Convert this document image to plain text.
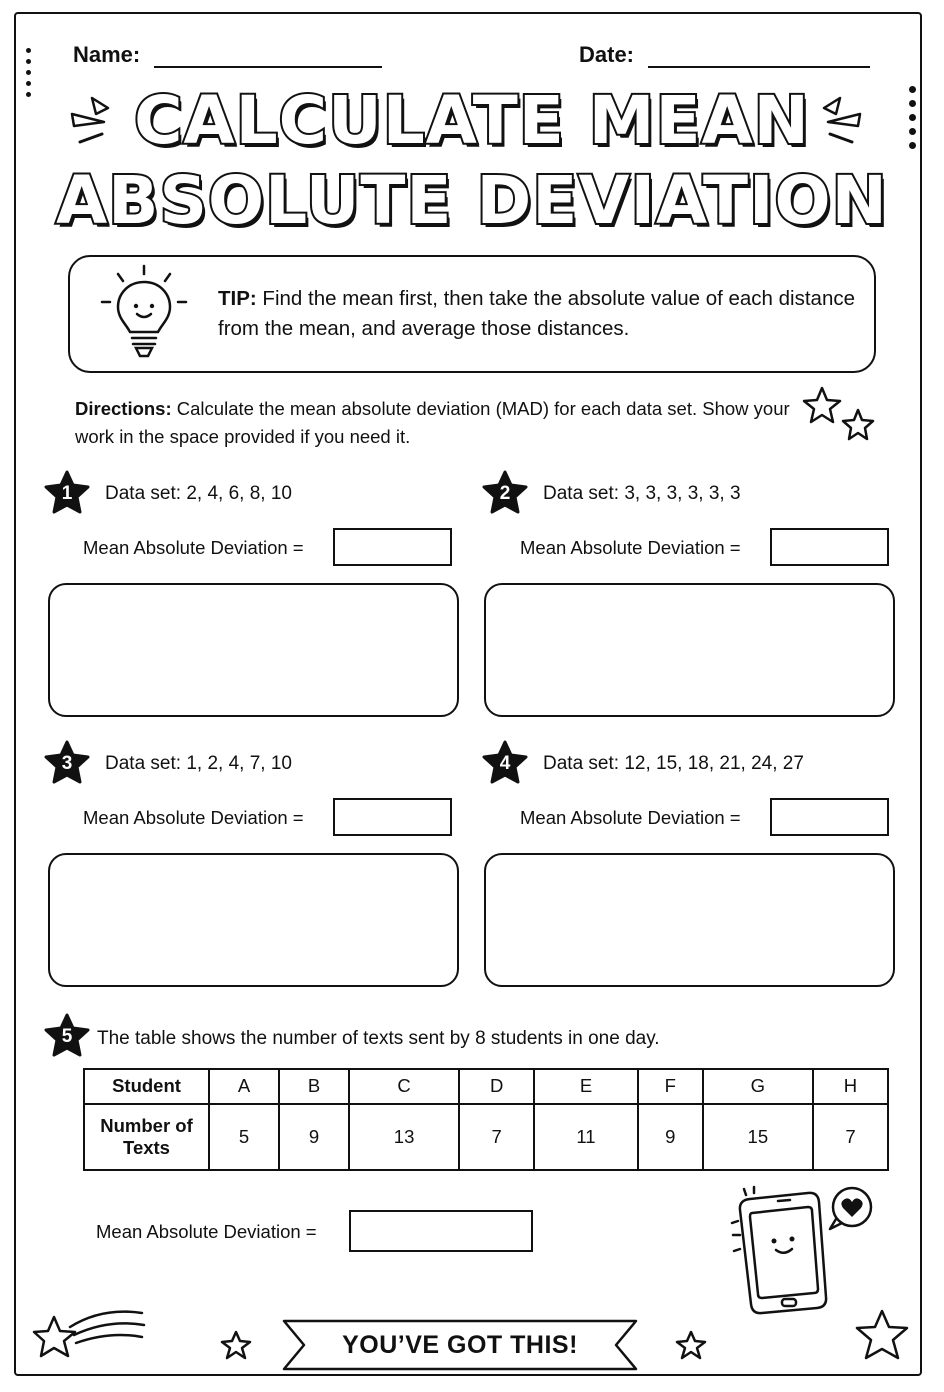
Name:	Date:
CALCULATE MEAN
ABSOLUTE DEVIATION
TIP: Find the mean first, then take the absolute value of each distance from the mean, and average those distances.
Directions: Calculate the mean absolute deviation (MAD) for each data set. Show your work in the space provided if you need it.
1	Data set: 2, 4, 6, 8, 10
Mean Absolute Deviation =
2	Data set: 3, 3, 3, 3, 3, 3
Mean Absolute Deviation =
3	Data set: 1, 2, 4, 7, 10
Mean Absolute Deviation =
4	Data set: 12, 15, 18, 21, 24, 27
Mean Absolute Deviation =
5	The table shows the number of texts sent by 8 students in one day.
Student	A	B	C	D	E	F	G	H
Number of Texts	5	9	13	7	11	9	15	7
Mean Absolute Deviation =
YOU’VE GOT THIS!
